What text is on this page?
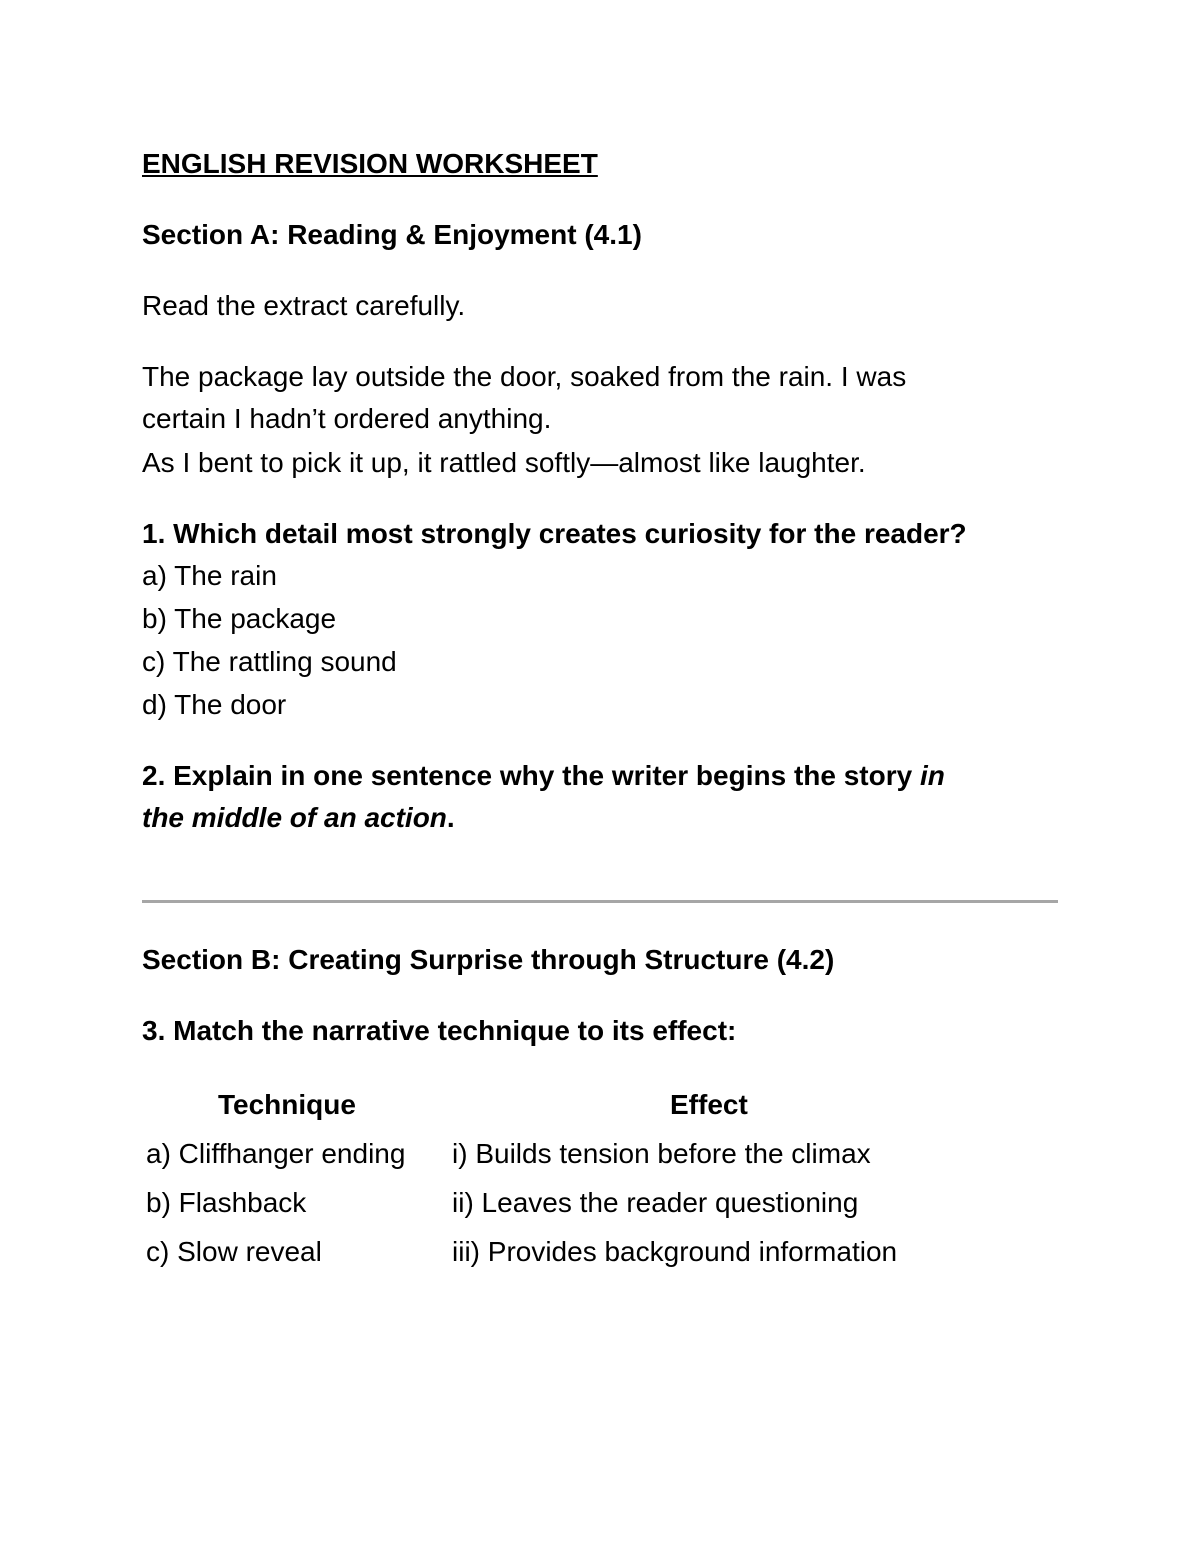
ENGLISH REVISION WORKSHEET
Section A: Reading & Enjoyment (4.1)
Read the extract carefully.
The package lay outside the door, soaked from the rain. I was
certain I hadn’t ordered anything.
As I bent to pick it up, it rattled softly—almost like laughter.
1. Which detail most strongly creates curiosity for the reader?
a) The rain
b) The package
c) The rattling sound
d) The door
2. Explain in one sentence why the writer begins the story in
the middle of an action.
Section B: Creating Surprise through Structure (4.2)
3. Match the narrative technique to its effect:
Technique	Effect
a) Cliffhanger ending i) Builds tension before the climax
b) Flashback	ii) Leaves the reader questioning
c) Slow reveal	iii) Provides background information
